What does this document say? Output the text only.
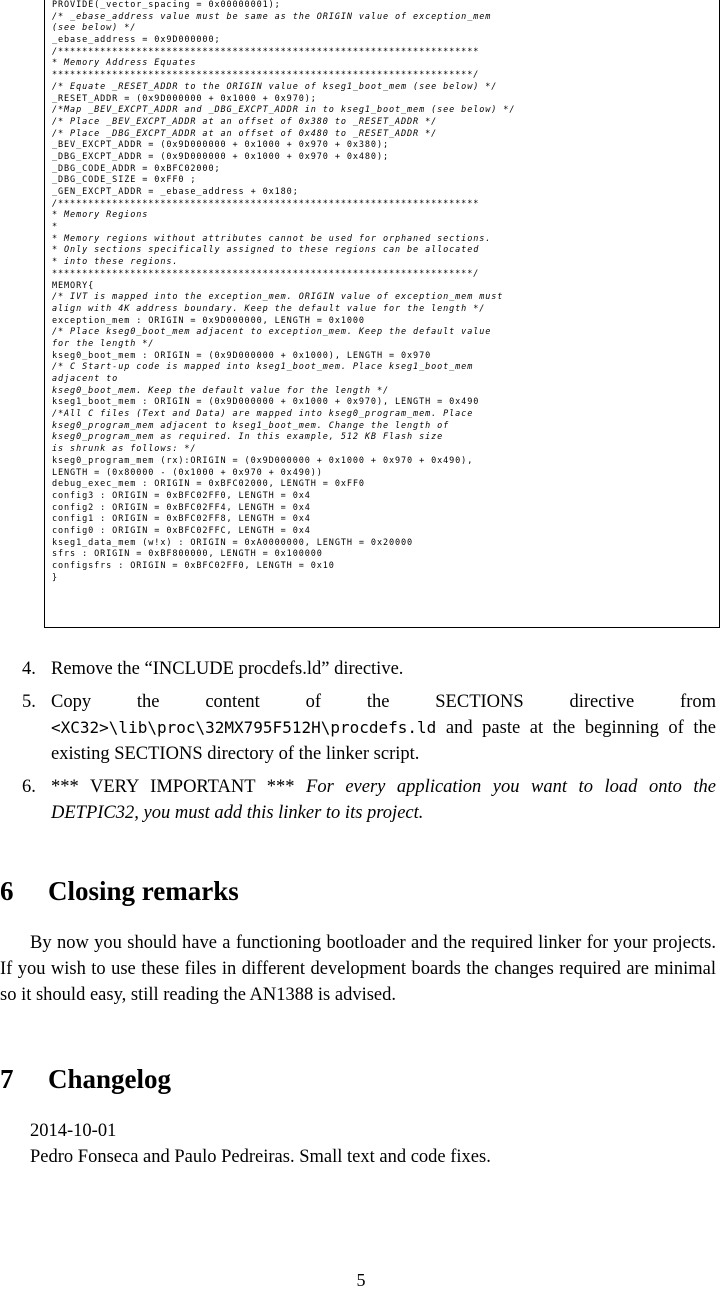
PROVIDE(_vector_spacing = 0x00000001);
/* _ebase_address value must be same as the ORIGIN value of exception_mem
(see below) */
_ebase_address = 0x9D000000;
/**********************************************************************
* Memory Address Equates
**********************************************************************/
/* Equate _RESET_ADDR to the ORIGIN value of kseg1_boot_mem (see below) */
_RESET_ADDR = (0x9D000000 + 0x1000 + 0x970);
/*Map _BEV_EXCPT_ADDR and _DBG_EXCPT_ADDR in to kseg1_boot_mem (see below) */
/* Place _BEV_EXCPT_ADDR at an offset of 0x380 to _RESET_ADDR */
/* Place _DBG_EXCPT_ADDR at an offset of 0x480 to _RESET_ADDR */
_BEV_EXCPT_ADDR = (0x9D000000 + 0x1000 + 0x970 + 0x380);
_DBG_EXCPT_ADDR = (0x9D000000 + 0x1000 + 0x970 + 0x480);
_DBG_CODE_ADDR = 0xBFC02000;
_DBG_CODE_SIZE = 0xFF0 ;
_GEN_EXCPT_ADDR = _ebase_address + 0x180;
/**********************************************************************
* Memory Regions
*
* Memory regions without attributes cannot be used for orphaned sections.
* Only sections specifically assigned to these regions can be allocated
* into these regions.
**********************************************************************/
MEMORY{
/* IVT is mapped into the exception_mem. ORIGIN value of exception_mem must
align with 4K address boundary. Keep the default value for the length */
exception_mem : ORIGIN = 0x9D000000, LENGTH = 0x1000
/* Place kseg0_boot_mem adjacent to exception_mem. Keep the default value
for the length */
kseg0_boot_mem : ORIGIN = (0x9D000000 + 0x1000), LENGTH = 0x970
/* C Start-up code is mapped into kseg1_boot_mem. Place kseg1_boot_mem
adjacent to
kseg0_boot_mem. Keep the default value for the length */
kseg1_boot_mem : ORIGIN = (0x9D000000 + 0x1000 + 0x970), LENGTH = 0x490
/*All C files (Text and Data) are mapped into kseg0_program_mem. Place
kseg0_program_mem adjacent to kseg1_boot_mem. Change the length of
kseg0_program_mem as required. In this example, 512 KB Flash size
is shrunk as follows: */
kseg0_program_mem (rx):ORIGIN = (0x9D000000 + 0x1000 + 0x970 + 0x490),
LENGTH = (0x80000 - (0x1000 + 0x970 + 0x490))
debug_exec_mem : ORIGIN = 0xBFC02000, LENGTH = 0xFF0
config3 : ORIGIN = 0xBFC02FF0, LENGTH = 0x4
config2 : ORIGIN = 0xBFC02FF4, LENGTH = 0x4
config1 : ORIGIN = 0xBFC02FF8, LENGTH = 0x4
config0 : ORIGIN = 0xBFC02FFC, LENGTH = 0x4
kseg1_data_mem (w!x) : ORIGIN = 0xA0000000, LENGTH = 0x20000
sfrs : ORIGIN = 0xBF800000, LENGTH = 0x100000
configsfrs : ORIGIN = 0xBFC02FF0, LENGTH = 0x10
}
4. Remove the “INCLUDE procdefs.ld” directive.
5. Copy the content of the SECTIONS directive from <XC32>\lib\proc\32MX795F512H\procdefs.ld and paste at the beginning of the existing SECTIONS directory of the linker script.
6. *** VERY IMPORTANT *** For every application you want to load onto the DETPIC32, you must add this linker to its project.
6 Closing remarks

By now you should have a functioning bootloader and the required linker for your projects. If you wish to use these files in different development boards the changes required are minimal so it should easy, still reading the AN1388 is advised.

7 Changelog

2014-10-01

Pedro Fonseca and Paulo Pedreiras. Small text and code fixes.

5
